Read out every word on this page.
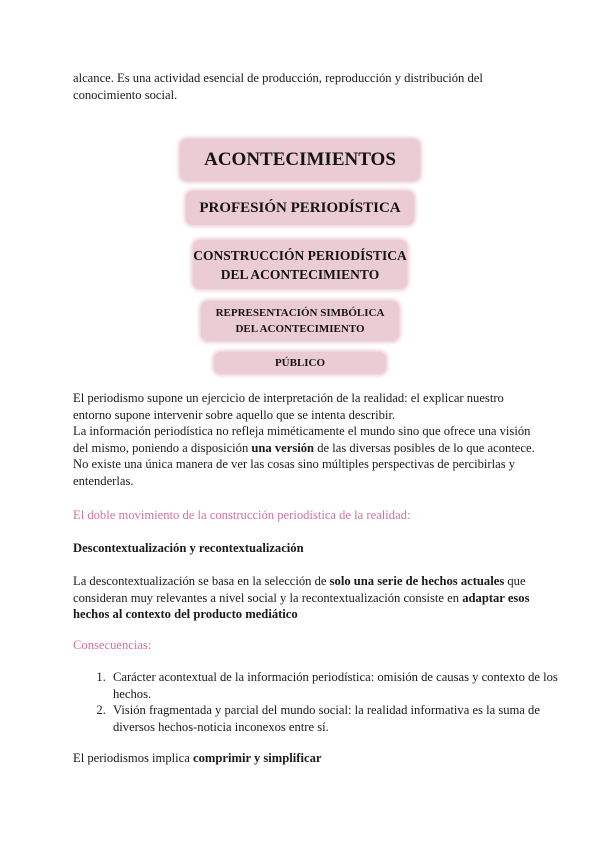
alcance. Es una actividad esencial de producción, reproducción y distribución del
conocimiento social.

ACONTECIMIENTOS
PROFESIÓN PERIODÍSTICA
CONSTRUCCIÓN PERIODÍSTICA
DEL ACONTECIMIENTO
REPRESENTACIÓN SIMBÓLICA
DEL ACONTECIMIENTO
PÚBLICO

El periodismo supone un ejercicio de interpretación de la realidad: el explicar nuestro entorno supone intervenir sobre aquello que se intenta describir.
La información periodística no refleja miméticamente el mundo sino que ofrece una visión del mismo, poniendo a disposición una versión de las diversas posibles de lo que acontece. No existe una única manera de ver las cosas sino múltiples perspectivas de percibirlas y entenderlas.

El doble movimiento de la construcción periodística de la realidad:

Descontextualización y recontextualización

La descontextualización se basa en la selección de solo una serie de hechos actuales que consideran muy relevantes a nivel social y la recontextualización consiste en adaptar esos hechos al contexto del producto mediático

Consecuencias:

1. Carácter acontextual de la información periodística: omisión de causas y contexto de los hechos.
2. Visión fragmentada y parcial del mundo social: la realidad informativa es la suma de diversos hechos-noticia inconexos entre sí.

El periodismos implica comprimir y simplificar
